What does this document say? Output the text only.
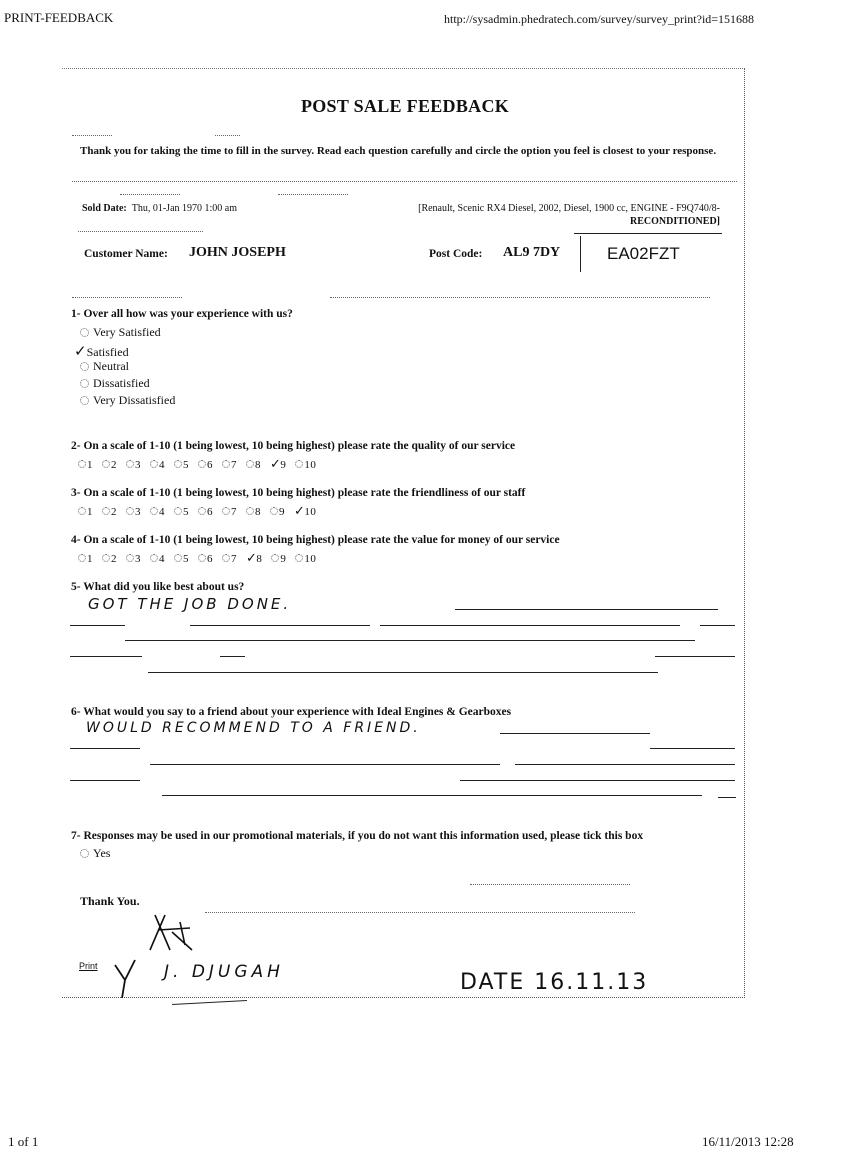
PRINT-FEEDBACK	http://sysadmin.phedratech.com/survey/survey_print?id=151688
POST SALE FEEDBACK
Thank you for taking the time to fill in the survey. Read each question carefully and circle the option you feel is closest to your response.
Sold Date: Thu, 01-Jan 1970 1:00 am	[Renault, Scenic RX4 Diesel, 2002, Diesel, 1900 cc, ENGINE - F9Q740/8-
RECONDITIONED]
Customer Name: JOHN JOSEPH	Post Code: AL9 7DY	EA02FZT
1- Over all how was your experience with us?
Very Satisfied
✓Satisfied
Neutral
Dissatisfied
Very Dissatisfied
2- On a scale of 1-10 (1 being lowest, 10 being highest) please rate the quality of our service
1 2 3 4 5 6 7 8 ✓9 10
3- On a scale of 1-10 (1 being lowest, 10 being highest) please rate the friendliness of our staff
1 2 3 4 5 6 7 8 9 ✓10
4- On a scale of 1-10 (1 being lowest, 10 being highest) please rate the value for money of our service
1 2 3 4 5 6 7 ✓8 9 10
5- What did you like best about us?
GOT THE JOB DONE.
6- What would you say to a friend about your experience with Ideal Engines & Gearboxes
WOULD RECOMMEND TO A FRIEND.
7- Responses may be used in our promotional materials, if you do not want this information used, please tick this box
Yes
Thank You.
Print	J. DJUGAH	DATE 16.11.13
1 of 1	16/11/2013 12:28
